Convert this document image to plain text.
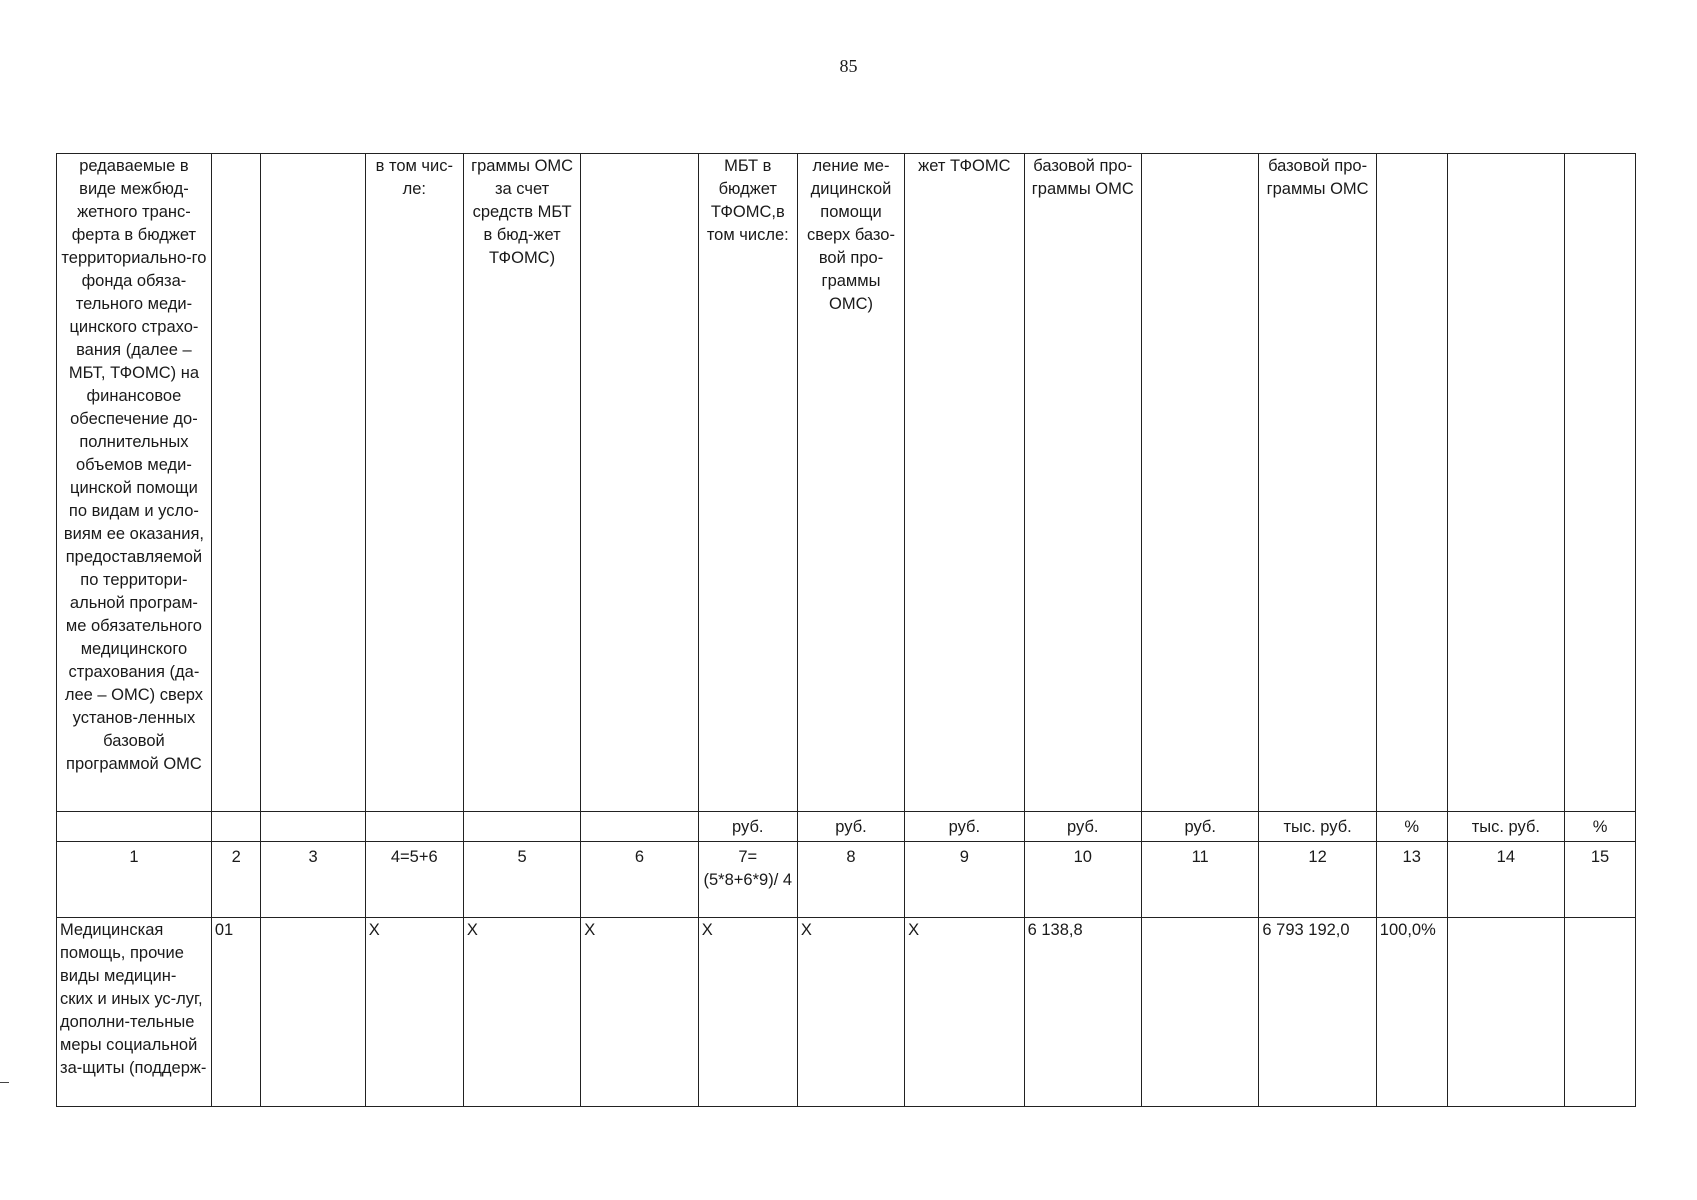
85
редаваемые в виде межбюд-жетного транс-ферта в бюджет территориально-го фонда обяза-тельного меди-цинского страхо-вания (далее – МБТ, ТФОМС) на финансовое обеспечение до-полнительных объемов меди-цинской помощи по видам и усло-виям ее оказания, предоставляемой по территори-альной програм-ме обязательного медицинского страхования (да-лее – ОМС) сверх установ-ленных базовой программой ОМС			в том чис-ле:	граммы ОМС за счет средств МБТ в бюд-жет ТФОМС)		МБТ в бюджет ТФОМС,в том числе:	ление ме-дицинской помощи сверх базо-вой про-граммы ОМС)	жет ТФОМС	базовой про-граммы ОМС		базовой про-граммы ОМС			
						руб.	руб.	руб.	руб.	руб.	тыс. руб.	%	тыс. руб.	%
1	2	3	4=5+6	5	6	7= (5*8+6*9)/ 4	8	9	10	11	12	13	14	15
Медицинская помощь, прочие виды медицин-ских и иных ус-луг, дополни-тельные меры социальной за-щиты (поддерж-	01		X	X	X	X	X	X	6 138,8		6 793 192,0	100,0%		
